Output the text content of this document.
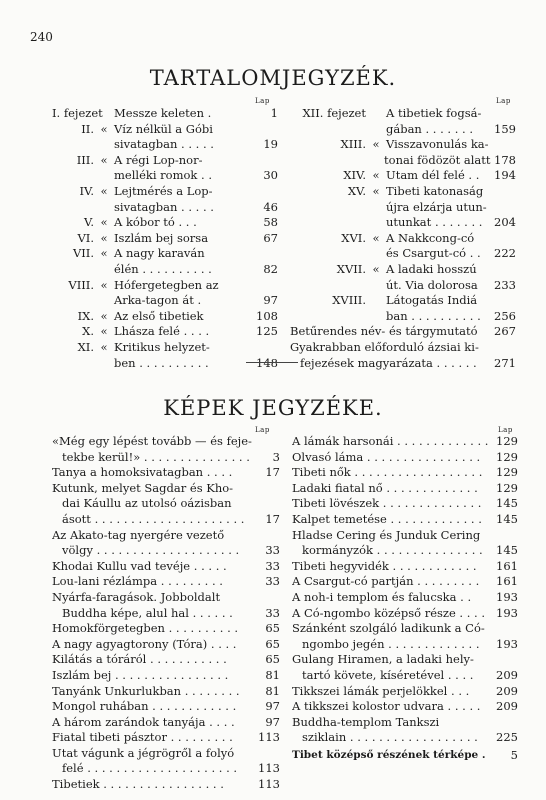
240
TARTALOMJEGYZÉK.
Lap	Lap
I. fejezet Messze keleten .	1
II. « Víz nélkül a Góbi
sivatagban . . . . .	19
III. « A régi Lop-nor-
melléki romok . .	30
IV. « Lejtmérés a Lop-
sivatagban . . . . .	46
V. « A kóbor tó . . .	58
VI. « Iszlám bej sorsa	67
VII. « A nagy karaván
élén . . . . . . . . . .	82
VIII. « Hófergetegben az
Arka-tagon át .	97
IX. « Az első tibetiek	108
X. « Lhásza felé . . . .	125
XI. « Kritikus helyzet-
ben . . . . . . . . . .	148
XII. fejezet A tibetiek fogsá-
gában . . . . . . .	159
XIII. « Visszavonulás ka-
tonai födözöt alatt 178
XIV. « Utam dél felé . .	194
XV. « Tibeti katonaság
újra elzárja utun-
utunkat . . . . . . .	204
XVI. « A Nakkcong-có
és Csargut-có . .	222
XVII. « A ladaki hosszú
út. Via dolorosa	233
XVIII. Látogatás Indiá
ban . . . . . . . . . .	256
Betűrendes név- és tárgymutató	267
Gyakrabban előforduló ázsiai ki-
fejezések magyarázata . . . . . .	271
KÉPEK JEGYZÉKE.
Lap	Lap
«Még egy lépést tovább — és feje-
tekbe kerül!» . . . . . . . . . . . . . . .	3
Tanya a homoksivatagban . . . .	17
Kutunk, melyet Sagdar és Kho-
dai Káullu az utolsó oázisban
ásott . . . . . . . . . . . . . . . . . . . . .	17
Az Akato-tag nyergére vezető
völgy . . . . . . . . . . . . . . . . . . . .	33
Khodai Kullu vad tevéje . . . . .	33
Lou-lani rézlámpa . . . . . . . . .	33
Nyárfa-faragások. Jobboldalt
Buddha képe, alul hal . . . . . .	33
Homokförgetegben . . . . . . . . . .	65
A nagy agyagtorony (Tóra) . . . .	65
Kilátás a tóráról . . . . . . . . . . .	65
Iszlám bej . . . . . . . . . . . . . . . .	81
Tanyánk Unkurlukban . . . . . . . .	81
Mongol ruhában . . . . . . . . . . . .	97
A három zarándok tanyája . . . .	97
Fiatal tibeti pásztor . . . . . . . . .	113
Utat vágunk a jégrögről a folyó
felé . . . . . . . . . . . . . . . . . . . . .	113
Tibetiek . . . . . . . . . . . . . . . . .	113
A lámák harsonái . . . . . . . . . . . . . 129
Olvasó láma . . . . . . . . . . . . . . . .	129
Tibeti nők . . . . . . . . . . . . . . . . . .	129
Ladaki fiatal nő . . . . . . . . . . . . .	129
Tibeti lövészek . . . . . . . . . . . . . .	145
Kalpet temetése . . . . . . . . . . . . .	145
Hladse Cering és Junduk Cering
kormányzók . . . . . . . . . . . . . . .	145
Tibeti hegyvidék . . . . . . . . . . . .	161
A Csargut-có partján . . . . . . . . .	161
A noh-i templom és falucska . .	193
A Có-ngombo középső része . . . . 193
Szánként szolgáló ladikunk a Có-
ngombo jegén . . . . . . . . . . . . .	193
Gulang Hiramen, a ladaki hely-
tartó követe, kíséretével . . . .	209
Tikkszei lámák perjelökkel . . .	209
A tikkszei kolostor udvara . . . . .	209
Buddha-templom Tankszi
sziklain . . . . . . . . . . . . . . . . . .	225
Tibet középső részének térképe .	5
